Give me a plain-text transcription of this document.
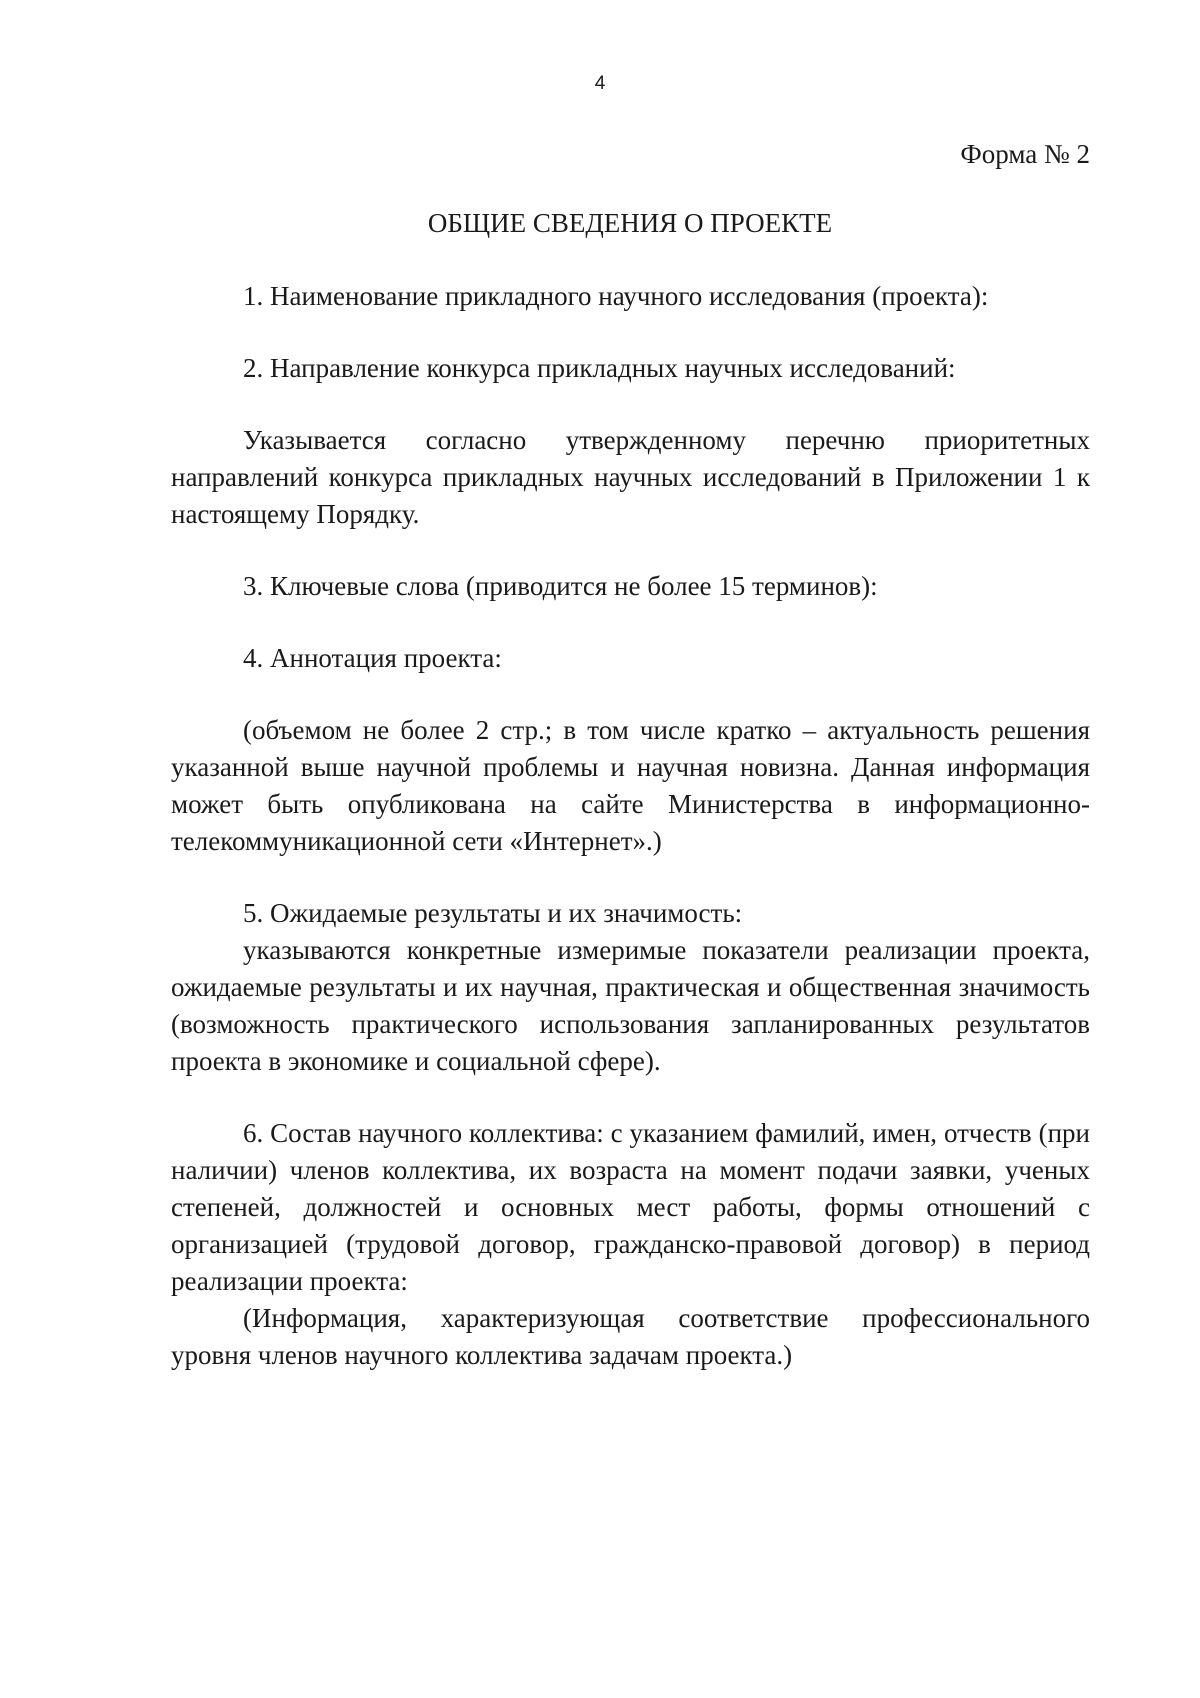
4
Форма № 2
ОБЩИЕ СВЕДЕНИЯ О ПРОЕКТЕ

1. Наименование прикладного научного исследования (проекта):

2. Направление конкурса прикладных научных исследований:

Указывается согласно утвержденному перечню приоритетных направлений конкурса прикладных научных исследований в Приложении 1 к настоящему Порядку.

3. Ключевые слова (приводится не более 15 терминов):

4. Аннотация проекта:

(объемом не более 2 стр.; в том числе кратко – актуальность решения указанной выше научной проблемы и научная новизна. Данная информация может быть опубликована на сайте Министерства в информационно-телекоммуникационной сети «Интернет».)

5. Ожидаемые результаты и их значимость:

указываются конкретные измеримые показатели реализации проекта, ожидаемые результаты и их научная, практическая и общественная значимость (возможность практического использования запланированных результатов проекта в экономике и социальной сфере).

6. Состав научного коллектива: с указанием фамилий, имен, отчеств (при наличии) членов коллектива, их возраста на момент подачи заявки, ученых степеней, должностей и основных мест работы, формы отношений с организацией (трудовой договор, гражданско-правовой договор) в период реализации проекта:

(Информация, характеризующая соответствие профессионального уровня членов научного коллектива задачам проекта.)
